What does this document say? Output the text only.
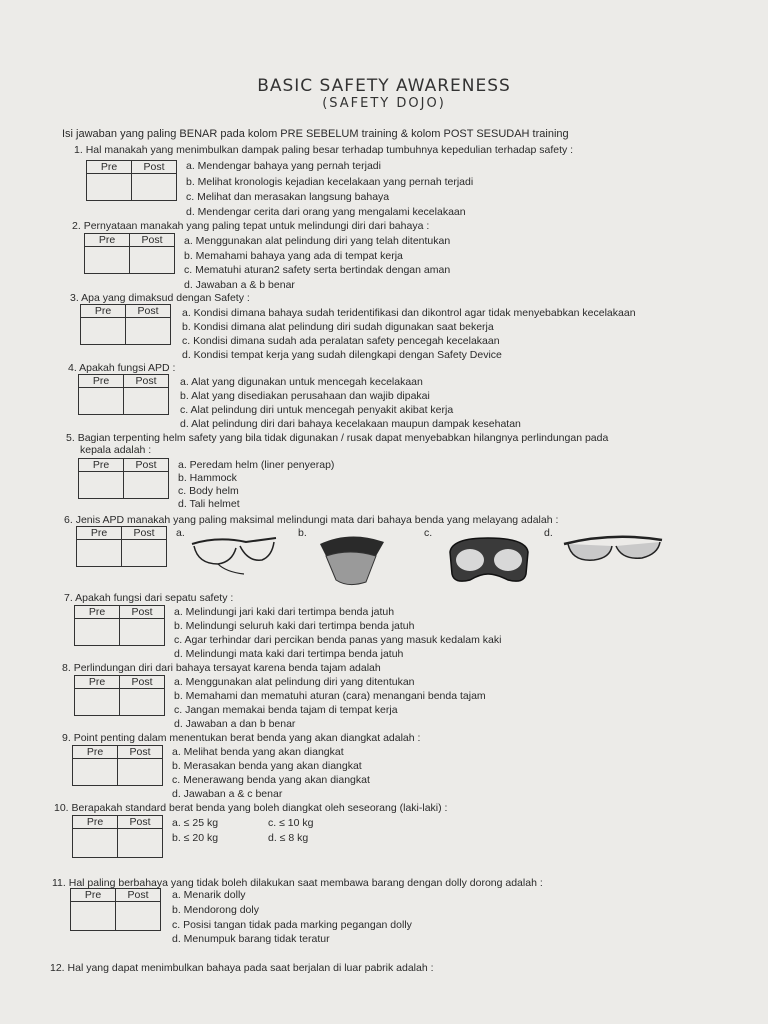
BASIC SAFETY AWARENESS
(SAFETY DOJO)
Isi jawaban yang paling BENAR pada kolom PRE SEBELUM training & kolom POST SESUDAH training
1. Hal manakah yang menimbulkan dampak paling besar terhadap tumbuhnya kepedulian terhadap safety :
Pre	Post
	a. Mendengar bahaya yang pernah terjadi
b. Melihat kronologis kejadian kecelakaan yang pernah terjadi
c. Melihat dan merasakan langsung bahaya
d. Mendengar cerita dari orang yang mengalami kecelakaan
2. Pernyataan manakah yang paling tepat untuk melindungi diri dari bahaya :
Pre	Post
	a. Menggunakan alat pelindung diri yang telah ditentukan
b. Memahami bahaya yang ada di tempat kerja
c. Mematuhi aturan2 safety serta bertindak dengan aman
d. Jawaban a & b benar
3. Apa yang dimaksud dengan Safety :
Pre	Post
	a. Kondisi dimana bahaya sudah teridentifikasi dan dikontrol agar tidak menyebabkan kecelakaan
b. Kondisi dimana alat pelindung diri sudah digunakan saat bekerja
c. Kondisi dimana sudah ada peralatan safety pencegah kecelakaan
d. Kondisi tempat kerja yang sudah dilengkapi dengan Safety Device
4. Apakah fungsi APD :
Pre	Post
	a. Alat yang digunakan untuk mencegah kecelakaan
b. Alat yang disediakan perusahaan dan wajib dipakai
c. Alat pelindung diri untuk mencegah penyakit akibat kerja
d. Alat pelindung diri dari bahaya kecelakaan maupun dampak kesehatan
5. Bagian terpenting helm safety yang bila tidak digunakan / rusak dapat menyebabkan hilangnya perlindungan pada
kepala adalah :
Pre	Post
	a. Peredam helm (liner penyerap)
b. Hammock
c. Body helm
d. Tali helmet
6. Jenis APD manakah yang paling maksimal melindungi mata dari bahaya benda yang melayang adalah :
Pre	Post
	a.	b.	c.	d.
7. Apakah fungsi dari sepatu safety :
Pre	Post
	a. Melindungi jari kaki dari tertimpa benda jatuh
b. Melindungi seluruh kaki dari tertimpa benda jatuh
c. Agar terhindar dari percikan benda panas yang masuk kedalam kaki
d. Melindungi mata kaki dari tertimpa benda jatuh
8. Perlindungan diri dari bahaya tersayat karena benda tajam adalah
Pre	Post
	a. Menggunakan alat pelindung diri yang ditentukan
b. Memahami dan mematuhi aturan (cara) menangani benda tajam
c. Jangan memakai benda tajam di tempat kerja
d. Jawaban a dan b benar
9. Point penting dalam menentukan berat benda yang akan diangkat adalah :
Pre	Post
	a. Melihat benda yang akan diangkat
b. Merasakan benda yang akan diangkat
c. Menerawang benda yang akan diangkat
d. Jawaban a & c benar
10. Berapakah standard berat benda yang boleh diangkat oleh seseorang (laki-laki) :
Pre	Post
	a. ≤ 25 kg
b. ≤ 20 kg
c. ≤ 10 kg
d. ≤ 8 kg
11. Hal paling berbahaya yang tidak boleh dilakukan saat membawa barang dengan dolly dorong adalah :
Pre	Post
	a. Menarik dolly
b. Mendorong doly
c. Posisi tangan tidak pada marking pegangan dolly
d. Menumpuk barang tidak teratur
12. Hal yang dapat menimbulkan bahaya pada saat berjalan di luar pabrik adalah :
